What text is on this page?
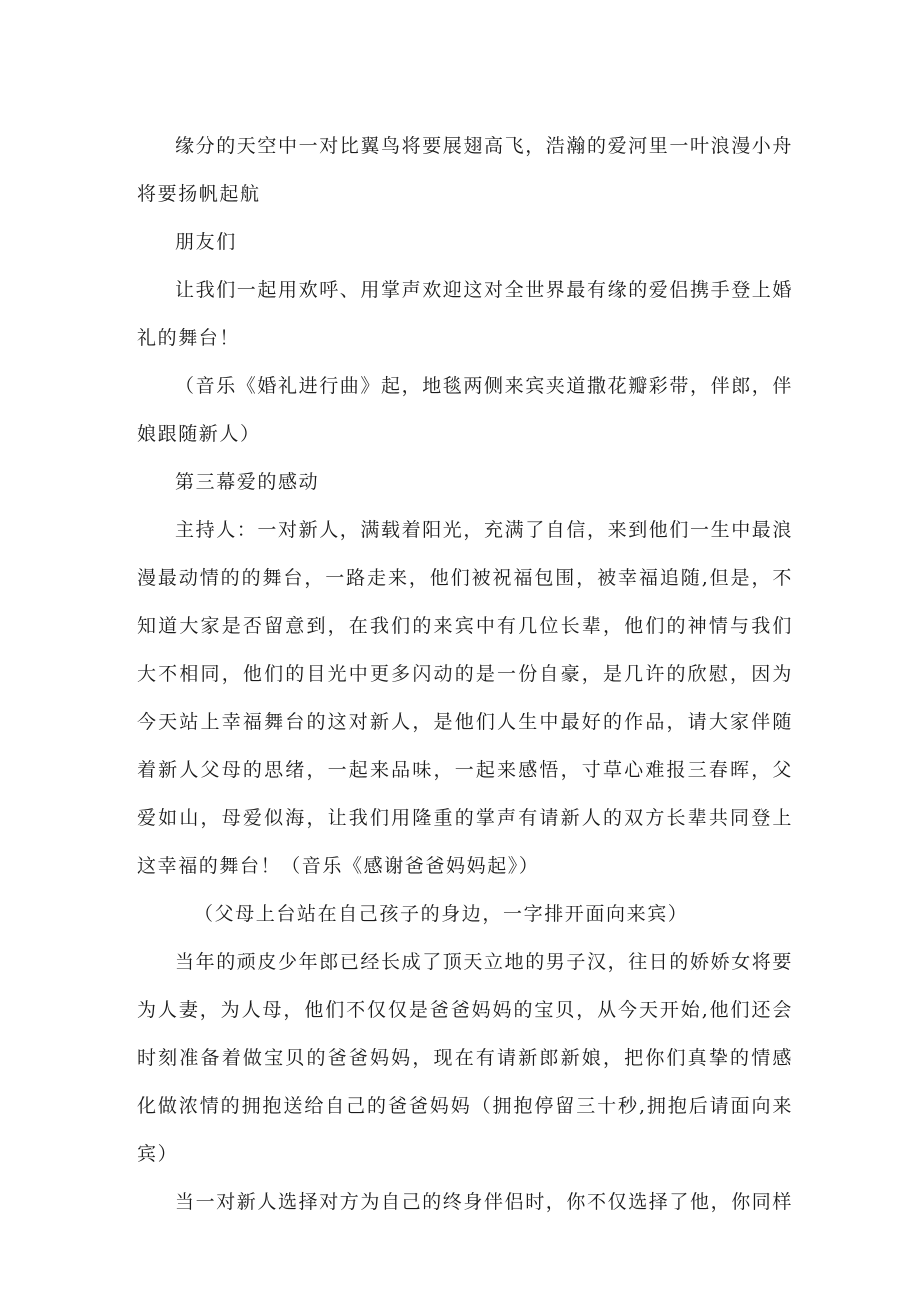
缘分的天空中一对比翼鸟将要展翅高飞，浩瀚的爱河里一叶浪漫小舟将要扬帆起航

朋友们

让我们一起用欢呼、用掌声欢迎这对全世界最有缘的爱侣携手登上婚礼的舞台！

（音乐《婚礼进行曲》起，地毯两侧来宾夹道撒花瓣彩带，伴郎，伴娘跟随新人）

第三幕爱的感动

主持人：一对新人，满载着阳光，充满了自信，来到他们一生中最浪漫最动情的的舞台，一路走来，他们被祝福包围，被幸福追随,但是，不知道大家是否留意到，在我们的来宾中有几位长辈，他们的神情与我们大不相同，他们的目光中更多闪动的是一份自豪，是几许的欣慰，因为今天站上幸福舞台的这对新人，是他们人生中最好的作品，请大家伴随着新人父母的思绪，一起来品味，一起来感悟，寸草心难报三春晖，父爱如山，母爱似海，让我们用隆重的掌声有请新人的双方长辈共同登上这幸福的舞台！（音乐《感谢爸爸妈妈起》）

（父母上台站在自己孩子的身边，一字排开面向来宾）

当年的顽皮少年郎已经长成了顶天立地的男子汉，往日的娇娇女将要为人妻，为人母，他们不仅仅是爸爸妈妈的宝贝，从今天开始,他们还会时刻准备着做宝贝的爸爸妈妈，现在有请新郎新娘，把你们真挚的情感化做浓情的拥抱送给自己的爸爸妈妈（拥抱停留三十秒,拥抱后请面向来宾）

当一对新人选择对方为自己的终身伴侣时，你不仅选择了他，你同样
